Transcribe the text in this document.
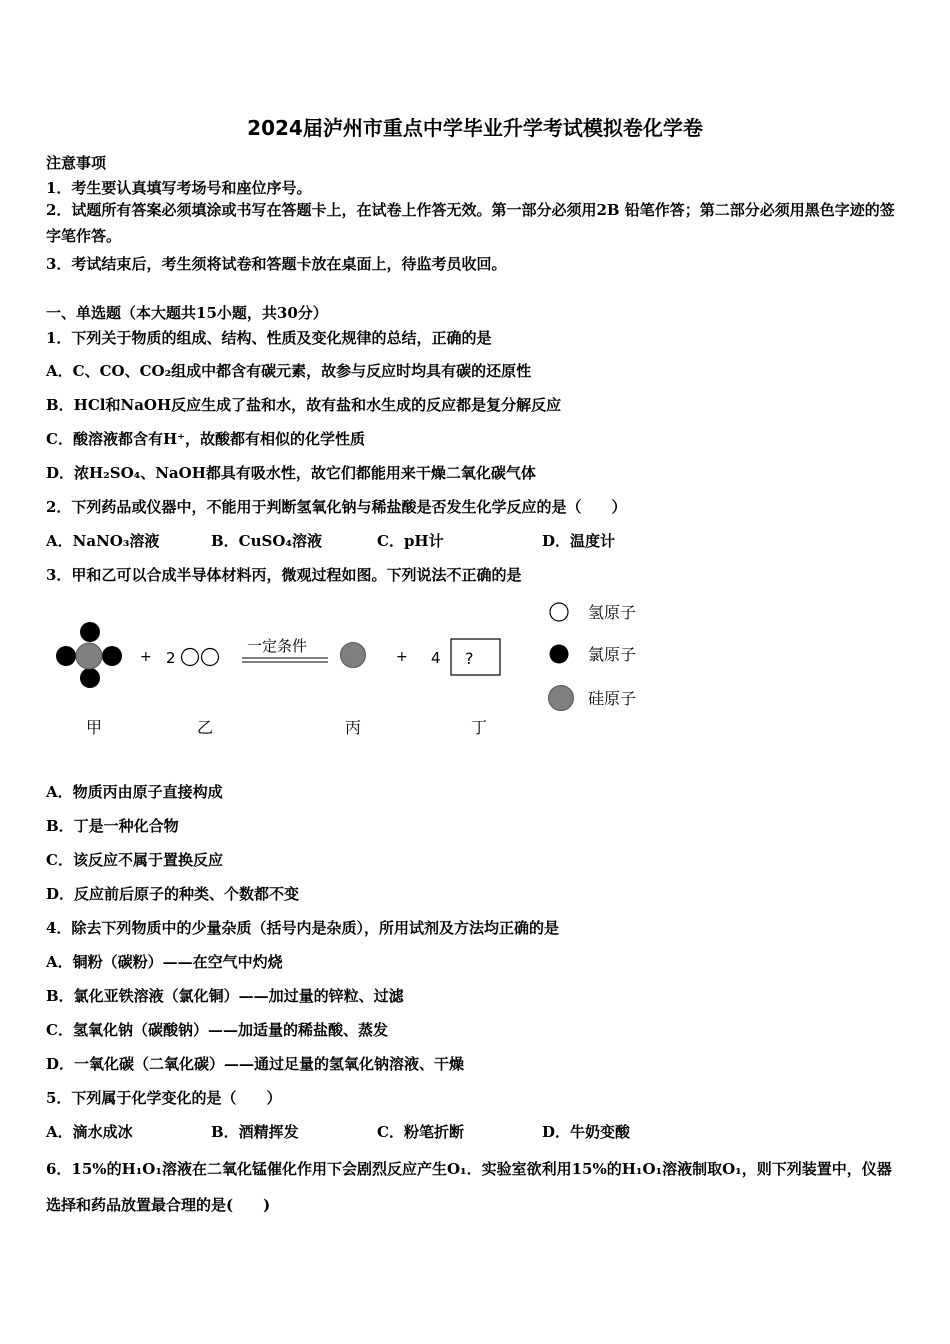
2024届泸州市重点中学毕业升学考试模拟卷化学卷
注意事项
1．考生要认真填写考场号和座位序号。
2．试题所有答案必须填涂或书写在答题卡上，在试卷上作答无效。第一部分必须用2B 铅笔作答；第二部分必须用黑色字迹的签字笔作答。
3．考试结束后，考生须将试卷和答题卡放在桌面上，待监考员收回。
一、单选题（本大题共15小题，共30分）
1．下列关于物质的组成、结构、性质及变化规律的总结，正确的是
A．C、CO、CO₂组成中都含有碳元素，故参与反应时均具有碳的还原性
B．HCl和NaOH反应生成了盐和水，故有盐和水生成的反应都是复分解反应
C．酸溶液都含有H⁺，故酸都有相似的化学性质
D．浓H₂SO₄、NaOH都具有吸水性，故它们都能用来干燥二氧化碳气体
2．下列药品或仪器中，不能用于判断氢氧化钠与稀盐酸是否发生化学反应的是（　　）
A．NaNO₃溶液	B．CuSO₄溶液	C．pH计	D．温度计
3．甲和乙可以合成半导体材料丙，微观过程如图。下列说法不正确的是
+ 2
一定条件
+ 4 ?
甲	乙	丙	丁
氢原子
氯原子
硅原子
A．物质丙由原子直接构成
B．丁是一种化合物
C．该反应不属于置换反应
D．反应前后原子的种类、个数都不变
4．除去下列物质中的少量杂质（括号内是杂质），所用试剂及方法均正确的是
A．铜粉（碳粉）——在空气中灼烧
B．氯化亚铁溶液（氯化铜）——加过量的锌粒、过滤
C．氢氧化钠（碳酸钠）——加适量的稀盐酸、蒸发
D．一氧化碳（二氧化碳）——通过足量的氢氧化钠溶液、干燥
5．下列属于化学变化的是（　　）
A．滴水成冰	B．酒精挥发	C．粉笔折断	D．牛奶变酸
6．15%的H₁O₁溶液在二氧化锰催化作用下会剧烈反应产生O₁．实验室欲利用15%的H₁O₁溶液制取O₁，则下列装置中，仪器选择和药品放置最合理的是(　　)
